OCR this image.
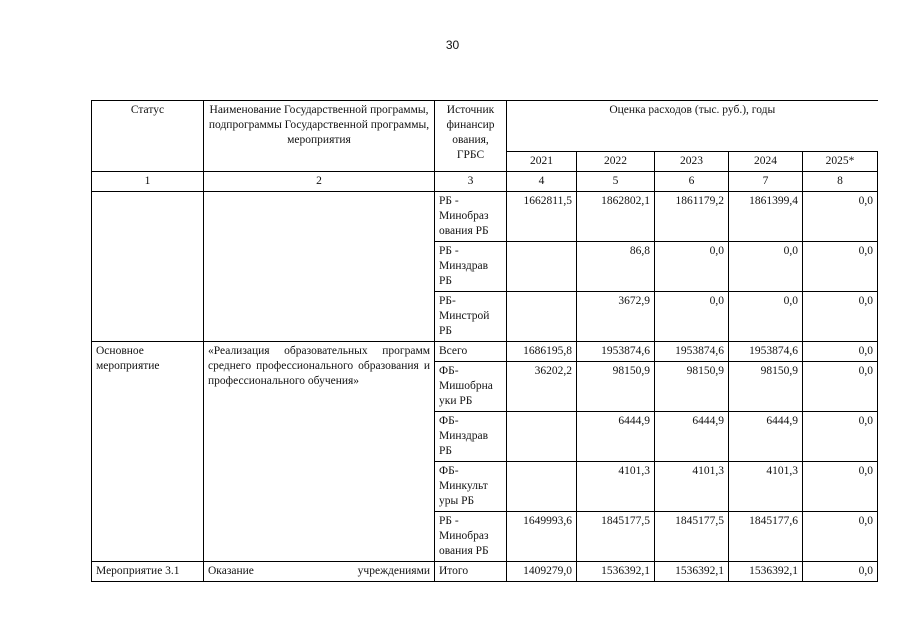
30
Статус	Наименование Государственной программы, подпрограммы Государственной программы, мероприятия	Источник финансир ования, ГРБС	Оценка расходов (тыс. руб.), годы				
			2021	2022	2023	2024	2025*
1	2	3	4	5	6	7	8
		РБ - Минобраз ования РБ	1662811,5	1862802,1	1861179,2	1861399,4	0,0
		РБ - Минздрав РБ		86,8	0,0	0,0	0,0
		РБ- Минстрой РБ		3672,9	0,0	0,0	0,0
Основное мероприятие	«Реализация образовательных программ среднего профессионального образования и профессионального обучения»	Всего	1686195,8	1953874,6	1953874,6	1953874,6	0,0
		ФБ- Мишобрна уки РБ	36202,2	98150,9	98150,9	98150,9	0,0
		ФБ- Минздрав РБ		6444,9	6444,9	6444,9	0,0
		ФБ- Минкульт уры РБ		4101,3	4101,3	4101,3	0,0
		РБ - Минобраз ования РБ	1649993,6	1845177,5	1845177,5	1845177,6	0,0
Мероприятие 3.1	Оказание учреждениями	Итого	1409279,0	1536392,1	1536392,1	1536392,1	0,0
